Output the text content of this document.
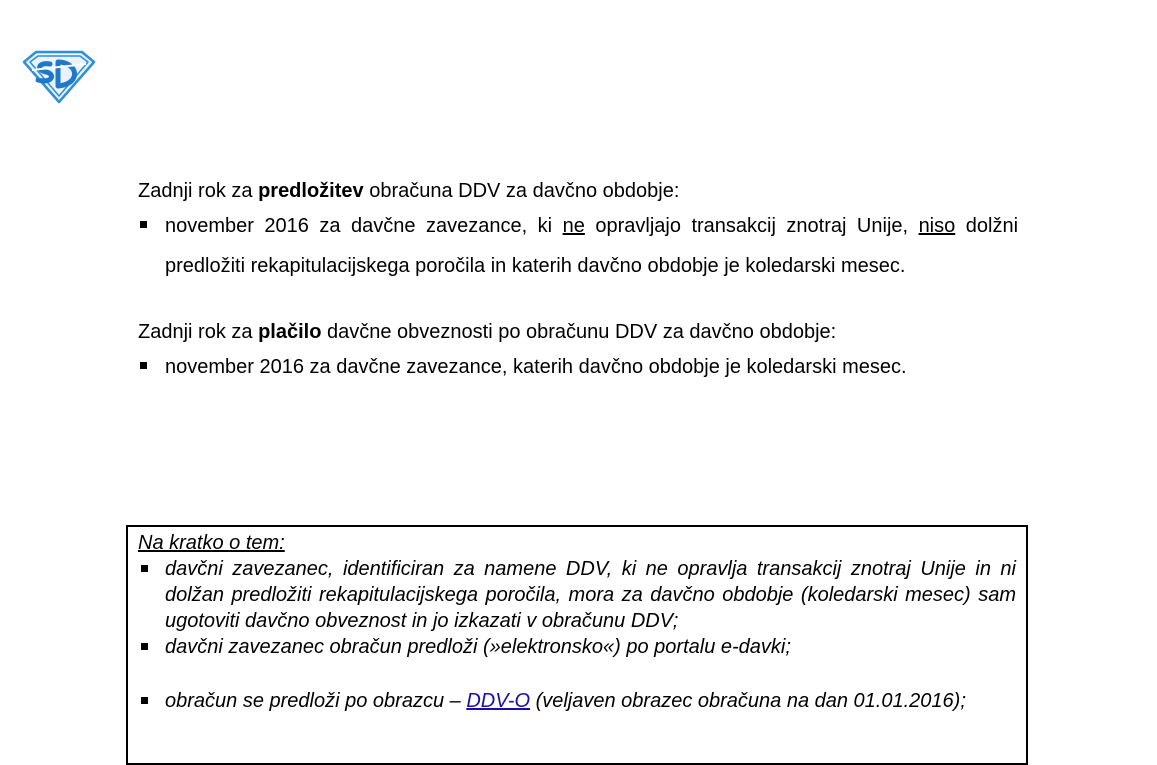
Zadnji rok za predložitev obračuna DDV za davčno obdobje:

november 2016 za davčne zavezance, ki ne opravljajo transakcij znotraj Unije, niso dolžni predložiti rekapitulacijskega poročila in katerih davčno obdobje je koledarski mesec.

Zadnji rok za plačilo davčne obveznosti po obračunu DDV za davčno obdobje:

november 2016 za davčne zavezance, katerih davčno obdobje je koledarski mesec.

Na kratko o tem:

davčni zavezanec, identificiran za namene DDV, ki ne opravlja transakcij znotraj Unije in ni dolžan predložiti rekapitulacijskega poročila, mora za davčno obdobje (koledarski mesec) sam ugotoviti davčno obveznost in jo izkazati v obračunu DDV;
davčni zavezanec obračun predloži (»elektronsko«) po portalu e-davki;
obračun se predloži po obrazcu – DDV-O (veljaven obrazec obračuna na dan 01.01.2016);
